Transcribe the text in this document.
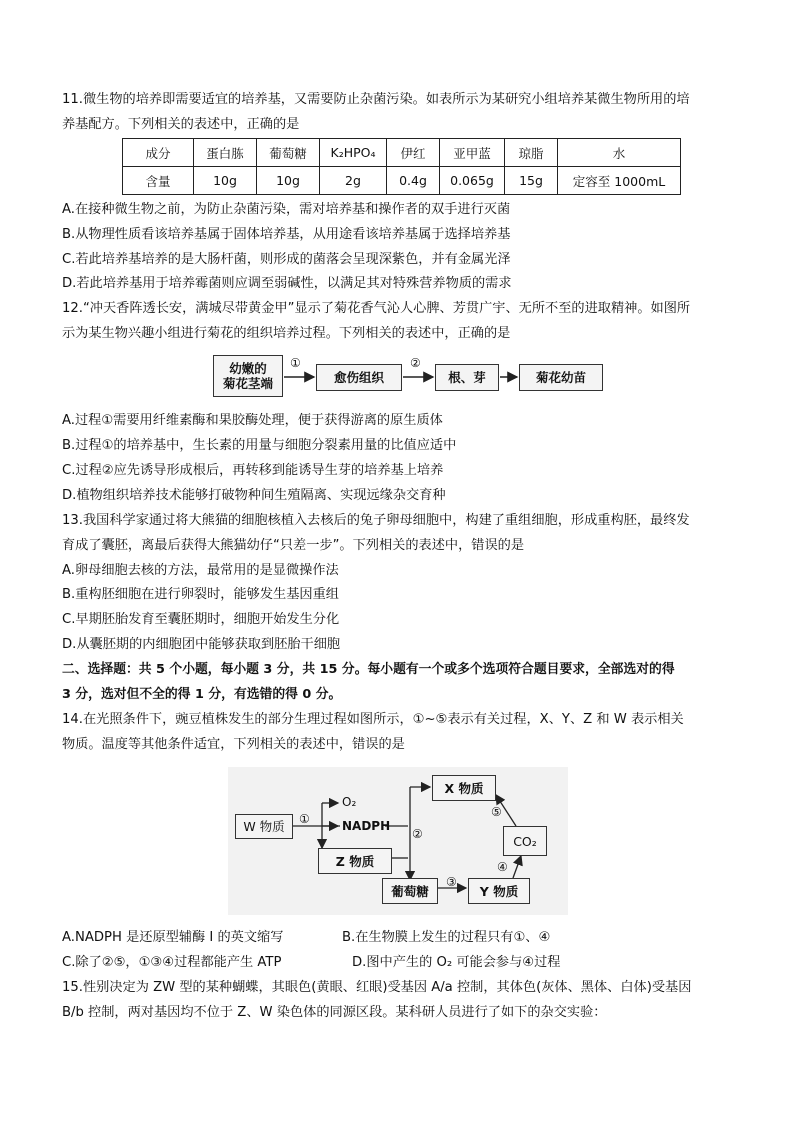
11.微生物的培养即需要适宜的培养基，又需要防止杂菌污染。如表所示为某研究小组培养某微生物所用的培
养基配方。下列相关的表述中，正确的是
成分	蛋白胨	葡萄糖	K₂HPO₄	伊红	亚甲蓝	琼脂	水
含量	10g	10g	2g	0.4g	0.065g	15g	定容至 1000mL
A.在接种微生物之前，为防止杂菌污染，需对培养基和操作者的双手进行灭菌
B.从物理性质看该培养基属于固体培养基，从用途看该培养基属于选择培养基
C.若此培养基培养的是大肠杆菌，则形成的菌落会呈现深紫色，并有金属光泽
D.若此培养基用于培养霉菌则应调至弱碱性，以满足其对特殊营养物质的需求
12.“冲天香阵透长安，满城尽带黄金甲”显示了菊花香气沁人心脾、芳贯广宇、无所不至的进取精神。如图所
示为某生物兴趣小组进行菊花的组织培养过程。下列相关的表述中，正确的是
幼嫩的
菊花茎端	愈伤组织	根、芽	菊花幼苗
①	②
A.过程①需要用纤维素酶和果胶酶处理，便于获得游离的原生质体
B.过程①的培养基中，生长素的用量与细胞分裂素用量的比值应适中
C.过程②应先诱导形成根后，再转移到能诱导生芽的培养基上培养
D.植物组织培养技术能够打破物种间生殖隔离、实现远缘杂交育种
13.我国科学家通过将大熊猫的细胞核植入去核后的兔子卵母细胞中，构建了重组细胞，形成重构胚，最终发
育成了囊胚，离最后获得大熊猫幼仔“只差一步”。下列相关的表述中，错误的是
A.卵母细胞去核的方法，最常用的是显微操作法
B.重构胚细胞在进行卵裂时，能够发生基因重组
C.早期胚胎发育至囊胚期时，细胞开始发生分化
D.从囊胚期的内细胞团中能够获取到胚胎干细胞
二、选择题：共 5 个小题，每小题 3 分，共 15 分。每小题有一个或多个选项符合题目要求，全部选对的得
3 分，选对但不全的得 1 分，有选错的得 0 分。
14.在光照条件下，豌豆植株发生的部分生理过程如图所示，①~⑤表示有关过程，X、Y、Z 和 W 表示相关
物质。温度等其他条件适宜，下列相关的表述中，错误的是
W 物质
O₂
NADPH
Z 物质
X 物质
CO₂
葡萄糖	Y 物质
①
②
③
④
⑤
A.NADPH 是还原型辅酶 I 的英文缩写	B.在生物膜上发生的过程只有①、④
C.除了②⑤，①③④过程都能产生 ATP	D.图中产生的 O₂ 可能会参与④过程
15.性别决定为 ZW 型的某种蝴蝶，其眼色(黄眼、红眼)受基因 A/a 控制，其体色(灰体、黑体、白体)受基因
B/b 控制，两对基因均不位于 Z、W 染色体的同源区段。某科研人员进行了如下的杂交实验：
